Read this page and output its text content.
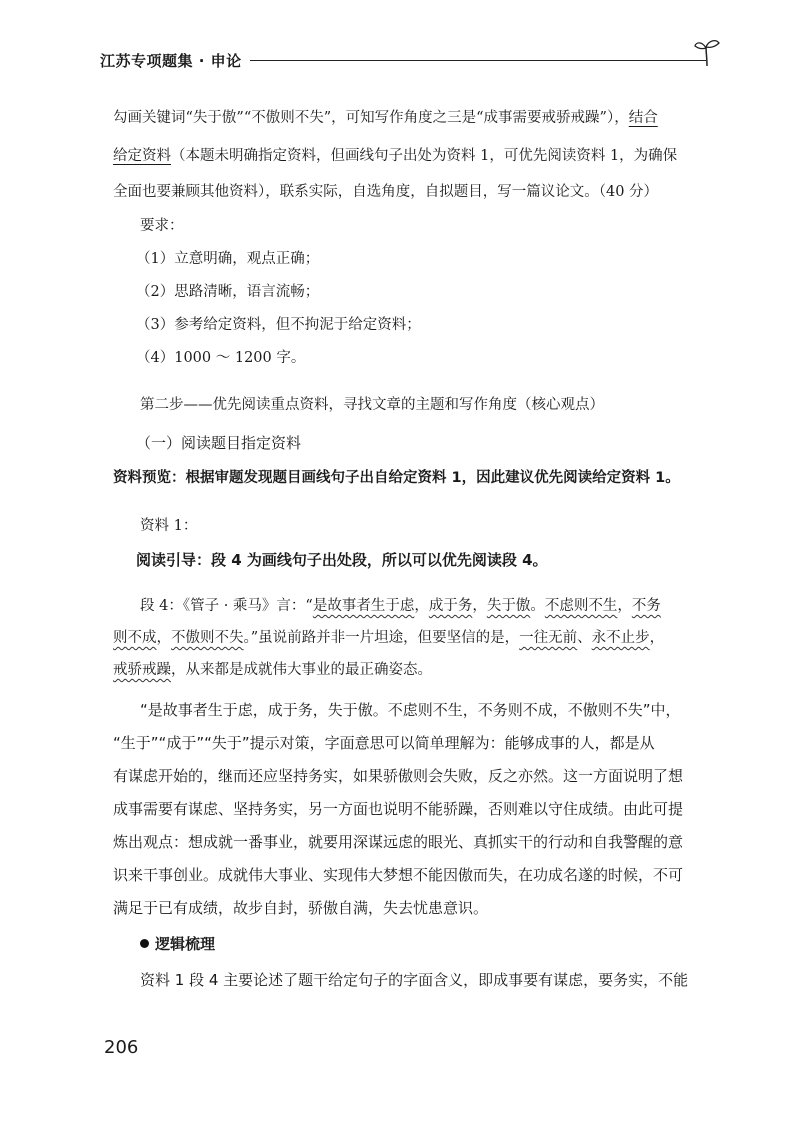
江苏专项题集 · 申论
勾画关键词“失于傲”“不傲则不失”，可知写作角度之三是“成事需要戒骄戒躁”），结合
给定资料（本题未明确指定资料，但画线句子出处为资料 1，可优先阅读资料 1，为确保
全面也要兼顾其他资料），联系实际，自选角度，自拟题目，写一篇议论文。（40 分）
要求：
（1）立意明确，观点正确；
（2）思路清晰，语言流畅；
（3）参考给定资料，但不拘泥于给定资料；
（4）1000 ～ 1200 字。
第二步——优先阅读重点资料，寻找文章的主题和写作角度（核心观点）
（一）阅读题目指定资料
资料预览：根据审题发现题目画线句子出自给定资料 1，因此建议优先阅读给定资料 1。
资料 1：
阅读引导：段 4 为画线句子出处段，所以可以优先阅读段 4。
段 4：《管子 · 乘马》言：“是故事者生于虑，成于务，失于傲。不虑则不生，不务
则不成，不傲则不失。”虽说前路并非一片坦途，但要坚信的是，一往无前、永不止步，
戒骄戒躁，从来都是成就伟大事业的最正确姿态。
“是故事者生于虑，成于务，失于傲。不虑则不生，不务则不成，不傲则不失”中，
“生于”“成于”“失于”提示对策，字面意思可以简单理解为：能够成事的人，都是从
有谋虑开始的，继而还应坚持务实，如果骄傲则会失败，反之亦然。这一方面说明了想
成事需要有谋虑、坚持务实，另一方面也说明不能骄躁，否则难以守住成绩。由此可提
炼出观点：想成就一番事业，就要用深谋远虑的眼光、真抓实干的行动和自我警醒的意
识来干事创业。成就伟大事业、实现伟大梦想不能因傲而失，在功成名遂的时候，不可
满足于已有成绩，故步自封，骄傲自满，失去忧患意识。
逻辑梳理
资料 1 段 4 主要论述了题干给定句子的字面含义，即成事要有谋虑，要务实，不能
206
